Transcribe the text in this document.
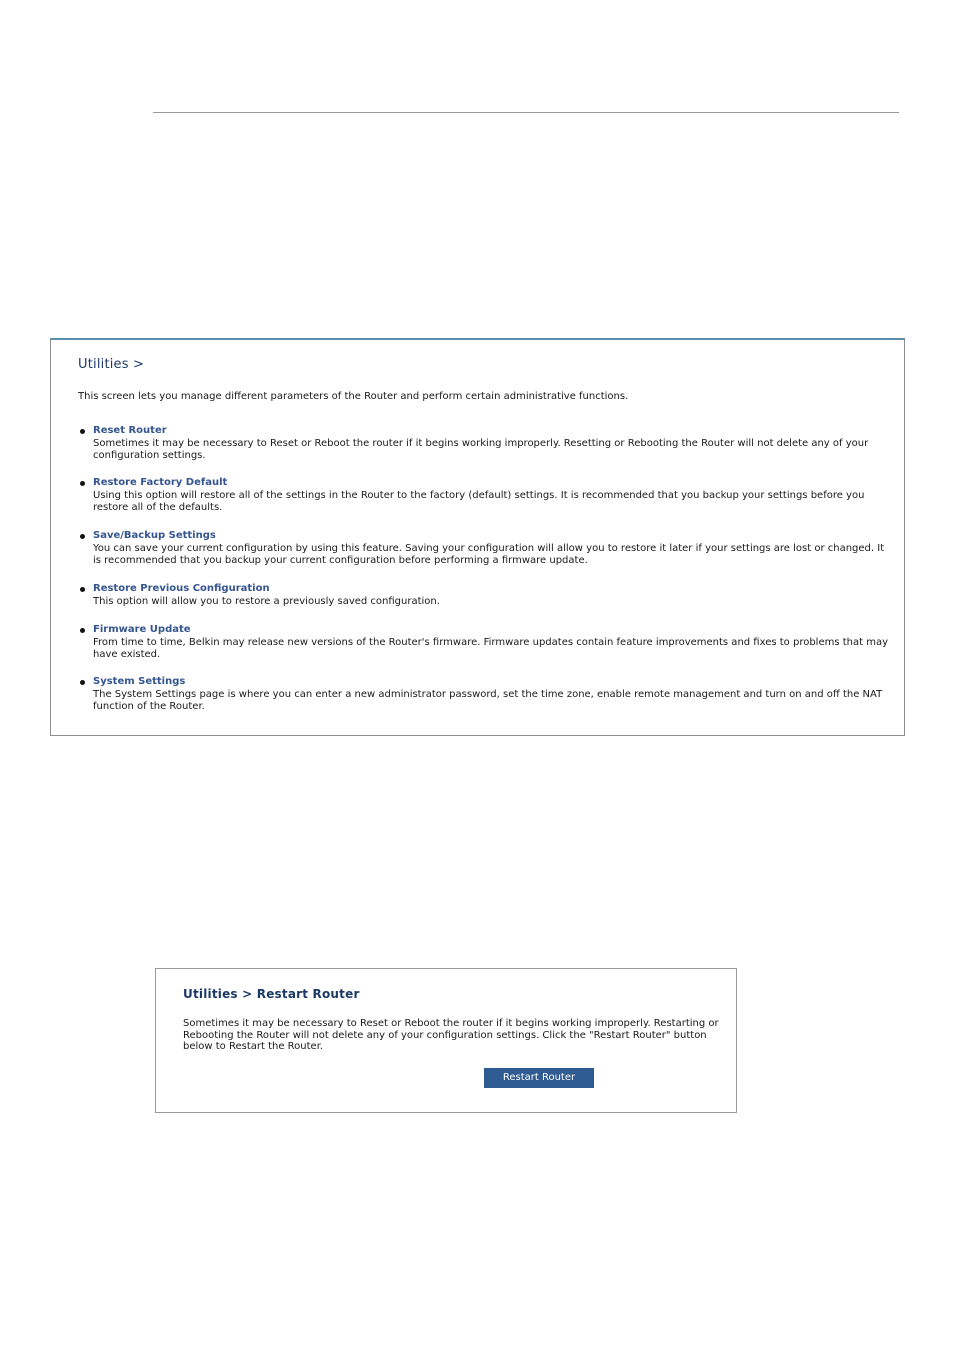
Utilities >
This screen lets you manage different parameters of the Router and perform certain administrative functions.
Reset Router
Sometimes it may be necessary to Reset or Reboot the router if it begins working improperly. Resetting or Rebooting the Router will not delete any of your configuration settings.
Restore Factory Default
Using this option will restore all of the settings in the Router to the factory (default) settings. It is recommended that you backup your settings before you restore all of the defaults.
Save/Backup Settings
You can save your current configuration by using this feature. Saving your configuration will allow you to restore it later if your settings are lost or changed. It is recommended that you backup your current configuration before performing a firmware update.
Restore Previous Configuration
This option will allow you to restore a previously saved configuration.
Firmware Update
From time to time, Belkin may release new versions of the Router's firmware. Firmware updates contain feature improvements and fixes to problems that may have existed.
System Settings
The System Settings page is where you can enter a new administrator password, set the time zone, enable remote management and turn on and off the NAT function of the Router.
Utilities > Restart Router
Sometimes it may be necessary to Reset or Reboot the router if it begins working improperly. Restarting or Rebooting the Router will not delete any of your configuration settings. Click the "Restart Router" button below to Restart the Router.
Restart Router
